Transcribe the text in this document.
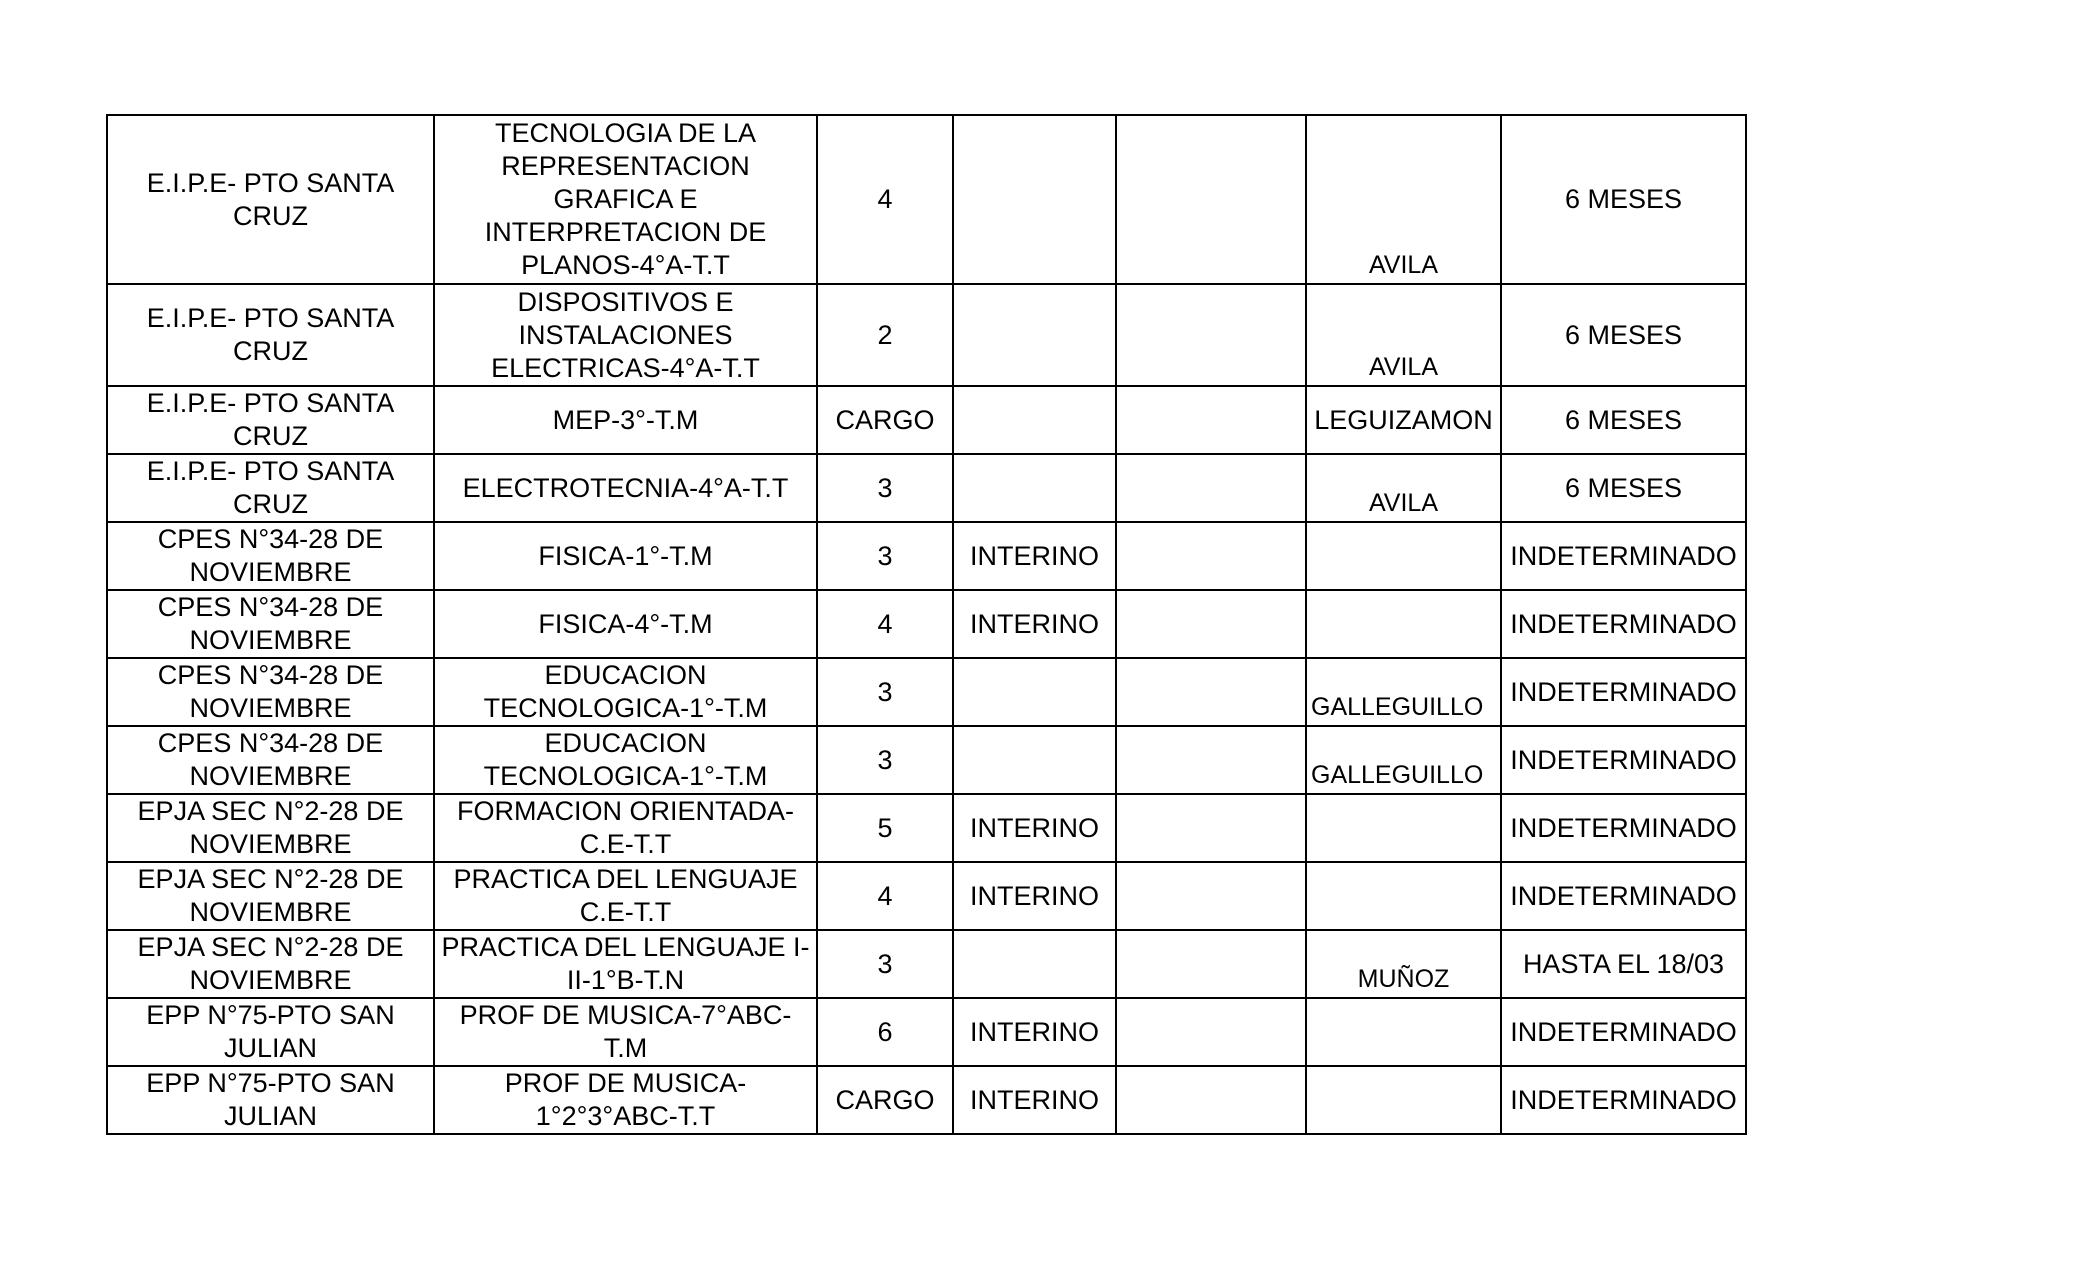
E.I.P.E- PTO SANTA CRUZ	TECNOLOGIA DE LA REPRESENTACION GRAFICA E INTERPRETACION DE PLANOS-4°A-T.T	4			AVILA	6 MESES
E.I.P.E- PTO SANTA CRUZ	DISPOSITIVOS E INSTALACIONES ELECTRICAS-4°A-T.T	2			AVILA	6 MESES
E.I.P.E- PTO SANTA CRUZ	MEP-3°-T.M	CARGO			LEGUIZAMON	6 MESES
E.I.P.E- PTO SANTA CRUZ	ELECTROTECNIA-4°A-T.T	3			AVILA	6 MESES
CPES N°34-28 DE NOVIEMBRE	FISICA-1°-T.M	3	INTERINO			INDETERMINADO
CPES N°34-28 DE NOVIEMBRE	FISICA-4°-T.M	4	INTERINO			INDETERMINADO
CPES N°34-28 DE NOVIEMBRE	EDUCACION TECNOLOGICA-1°-T.M	3			GALLEGUILLO	INDETERMINADO
CPES N°34-28 DE NOVIEMBRE	EDUCACION TECNOLOGICA-1°-T.M	3			GALLEGUILLO	INDETERMINADO
EPJA SEC N°2-28 DE NOVIEMBRE	FORMACION ORIENTADA-C.E-T.T	5	INTERINO			INDETERMINADO
EPJA SEC N°2-28 DE NOVIEMBRE	PRACTICA DEL LENGUAJE C.E-T.T	4	INTERINO			INDETERMINADO
EPJA SEC N°2-28 DE NOVIEMBRE	PRACTICA DEL LENGUAJE I-II-1°B-T.N	3			MUÑOZ	HASTA EL 18/03
EPP N°75-PTO SAN JULIAN	PROF DE MUSICA-7°ABC-T.M	6	INTERINO			INDETERMINADO
EPP N°75-PTO SAN JULIAN	PROF DE MUSICA-1°2°3°ABC-T.T	CARGO	INTERINO			INDETERMINADO
